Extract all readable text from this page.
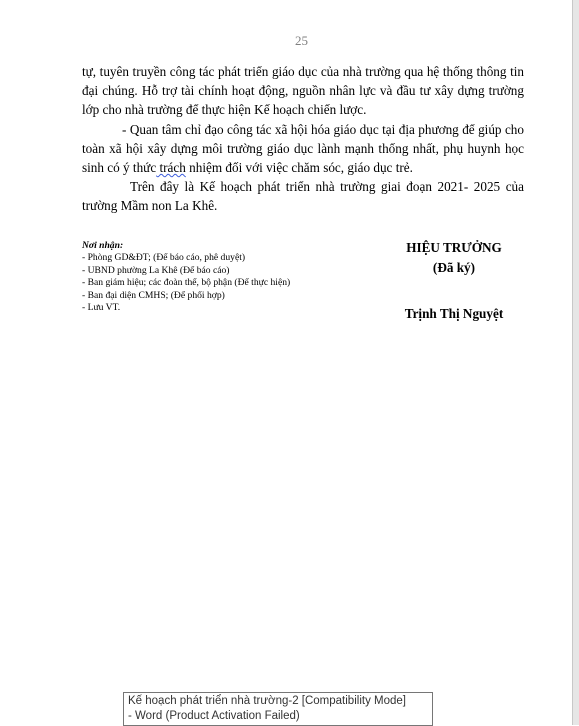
25

tự, tuyên truyền công tác phát triển giáo dục của nhà trường qua hệ thống thông tin đại chúng. Hỗ trợ tài chính hoạt động, nguồn nhân lực và đầu tư xây dựng trường lớp cho nhà trường để thực hiện Kế hoạch chiến lược.

- Quan tâm chỉ đạo công tác xã hội hóa giáo dục tại địa phương để giúp cho toàn xã hội xây dựng môi trường giáo dục lành mạnh thống nhất, phụ huynh học sinh có ý thức trách nhiệm đối với việc chăm sóc, giáo dục trẻ.

Trên đây là Kế hoạch phát triển nhà trường giai đoạn 2021- 2025 của trường Mầm non La Khê.

Nơi nhận:
- Phòng GD&ĐT; (Để báo cáo, phê duyệt)
- UBND phường La Khê (Để báo cáo)
- Ban giám hiệu; các đoàn thể, bộ phận (Để thực hiện)
- Ban đại diện CMHS; (Để phối hợp)
- Lưu VT.
HIỆU TRƯỞNG
(Đã ký)
Trịnh Thị Nguyệt
Kế hoạch phát triển nhà trường-2 [Compatibility Mode]
- Word (Product Activation Failed)
